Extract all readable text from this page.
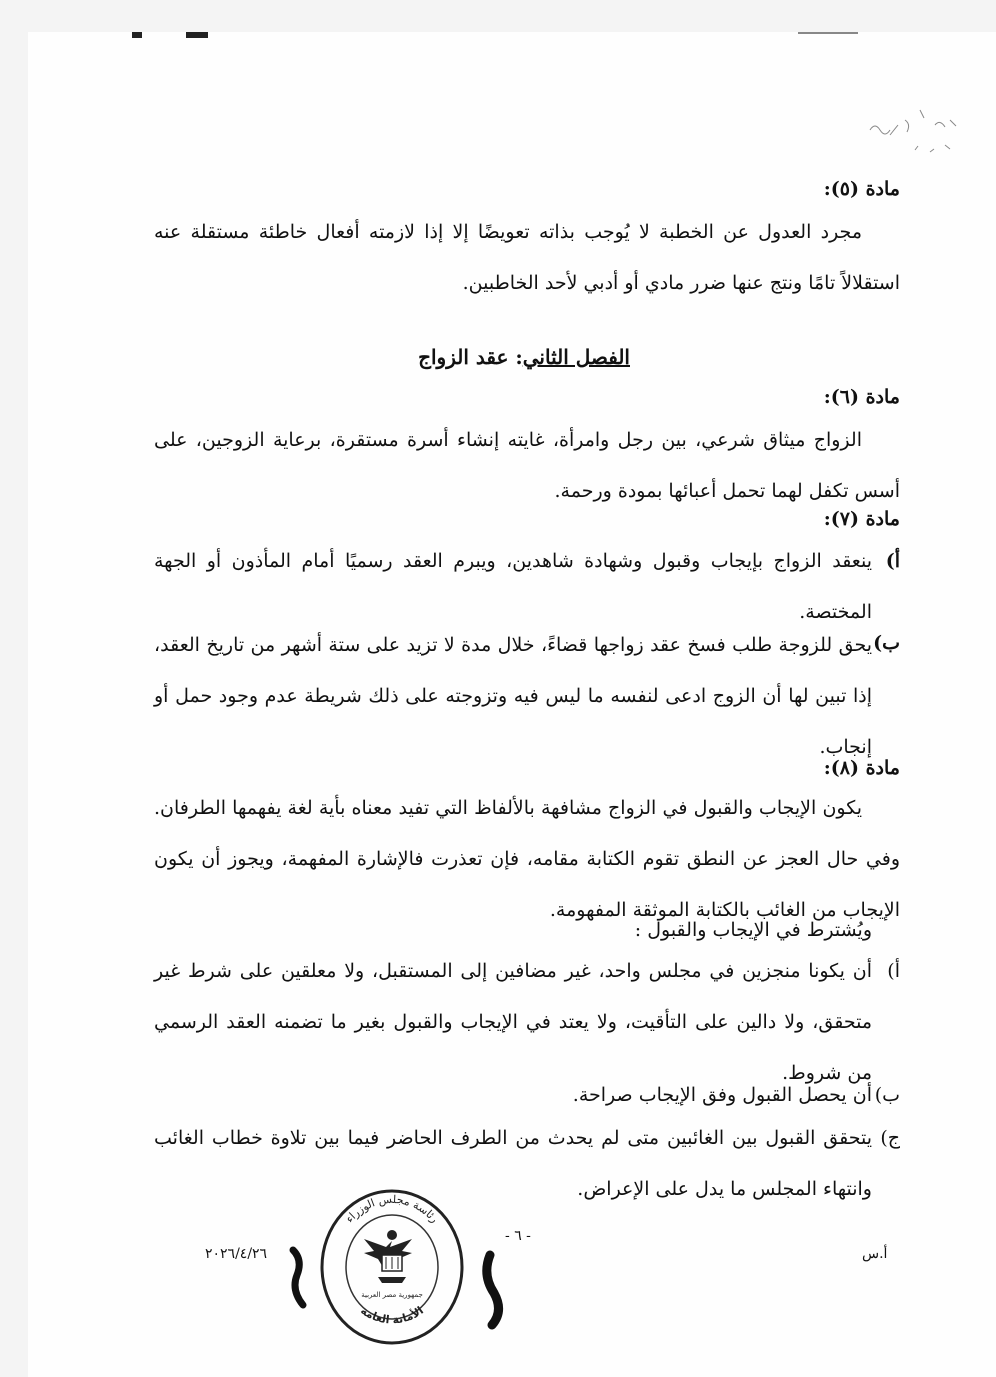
مادة (٥):
مجرد العدول عن الخطبة لا يُوجب بذاته تعويضًا إلا إذا لازمته أفعال خاطئة مستقلة عنه استقلالاً تامًا ونتج عنها ضرر مادي أو أدبي لأحد الخاطبين.
الفصل الثاني: عقد الزواج
مادة (٦):
الزواج ميثاق شرعي، بين رجل وامرأة، غايته إنشاء أسرة مستقرة، برعاية الزوجين، على أسس تكفل لهما تحمل أعبائها بمودة ورحمة.
مادة (٧):
أ)
ينعقد الزواج بإيجاب وقبول وشهادة شاهدين، ويبرم العقد رسميًا أمام المأذون أو الجهة المختصة.
ب)
يحق للزوجة طلب فسخ عقد زواجها قضاءً، خلال مدة لا تزيد على ستة أشهر من تاريخ العقد، إذا تبين لها أن الزوج ادعى لنفسه ما ليس فيه وتزوجته على ذلك شريطة عدم وجود حمل أو إنجاب.
مادة (٨):
يكون الإيجاب والقبول في الزواج مشافهة بالألفاظ التي تفيد معناه بأية لغة يفهمها الطرفان. وفي حال العجز عن النطق تقوم الكتابة مقامه، فإن تعذرت فالإشارة المفهمة، ويجوز أن يكون الإيجاب من الغائب بالكتابة الموثقة المفهومة.
ويُشترط في الإيجاب والقبول :
أ)
أن يكونا منجزين في مجلس واحد، غير مضافين إلى المستقبل، ولا معلقين على شرط غير متحقق، ولا دالين على التأقيت، ولا يعتد في الإيجاب والقبول بغير ما تضمنه العقد الرسمي من شروط.
ب)
أن يحصل القبول وفق الإيجاب صراحة.
ج)
يتحقق القبول بين الغائبين متى لم يحدث من الطرف الحاضر فيما بين تلاوة خطاب الغائب وانتهاء المجلس ما يدل على الإعراض.
- ٦ -
٢٠٢٦/٤/٢٦	أ.س
رئاسة مجلس الوزراء
الأمانة العامة
جمهورية مصر العربية
